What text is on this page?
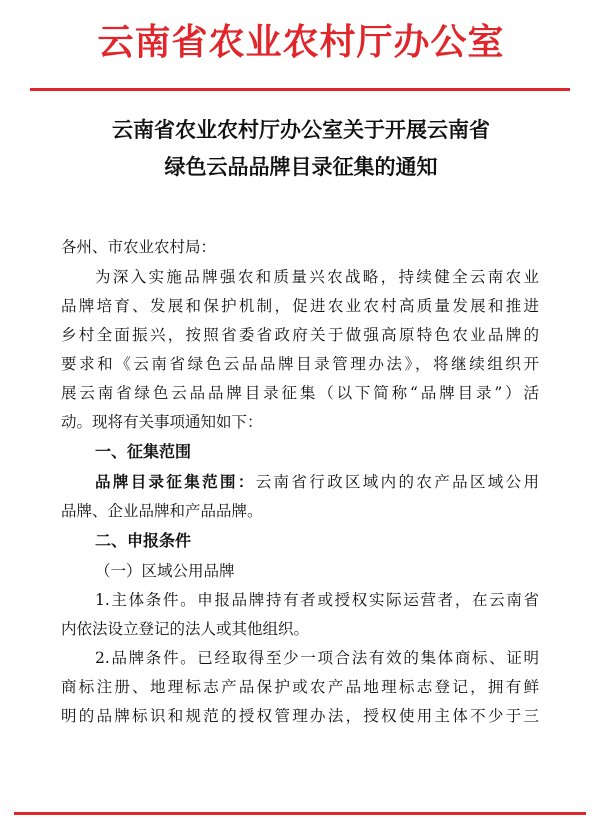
云南省农业农村厅办公室
云南省农业农村厅办公室关于开展云南省
绿色云品品牌目录征集的通知
各州、市农业农村局：
为深入实施品牌强农和质量兴农战略，持续健全云南农业
品牌培育、发展和保护机制，促进农业农村高质量发展和推进
乡村全面振兴，按照省委省政府关于做强高原特色农业品牌的
要求和《云南省绿色云品品牌目录管理办法》，将继续组织开
展云南省绿色云品品牌目录征集（以下简称“品牌目录”）活
动。现将有关事项通知如下：
一、征集范围
品牌目录征集范围：云南省行政区域内的农产品区域公用
品牌、企业品牌和产品品牌。
二、申报条件
（一）区域公用品牌
1.主体条件。申报品牌持有者或授权实际运营者，在云南省
内依法设立登记的法人或其他组织。
2.品牌条件。已经取得至少一项合法有效的集体商标、证明
商标注册、地理标志产品保护或农产品地理标志登记，拥有鲜
明的品牌标识和规范的授权管理办法，授权使用主体不少于三
